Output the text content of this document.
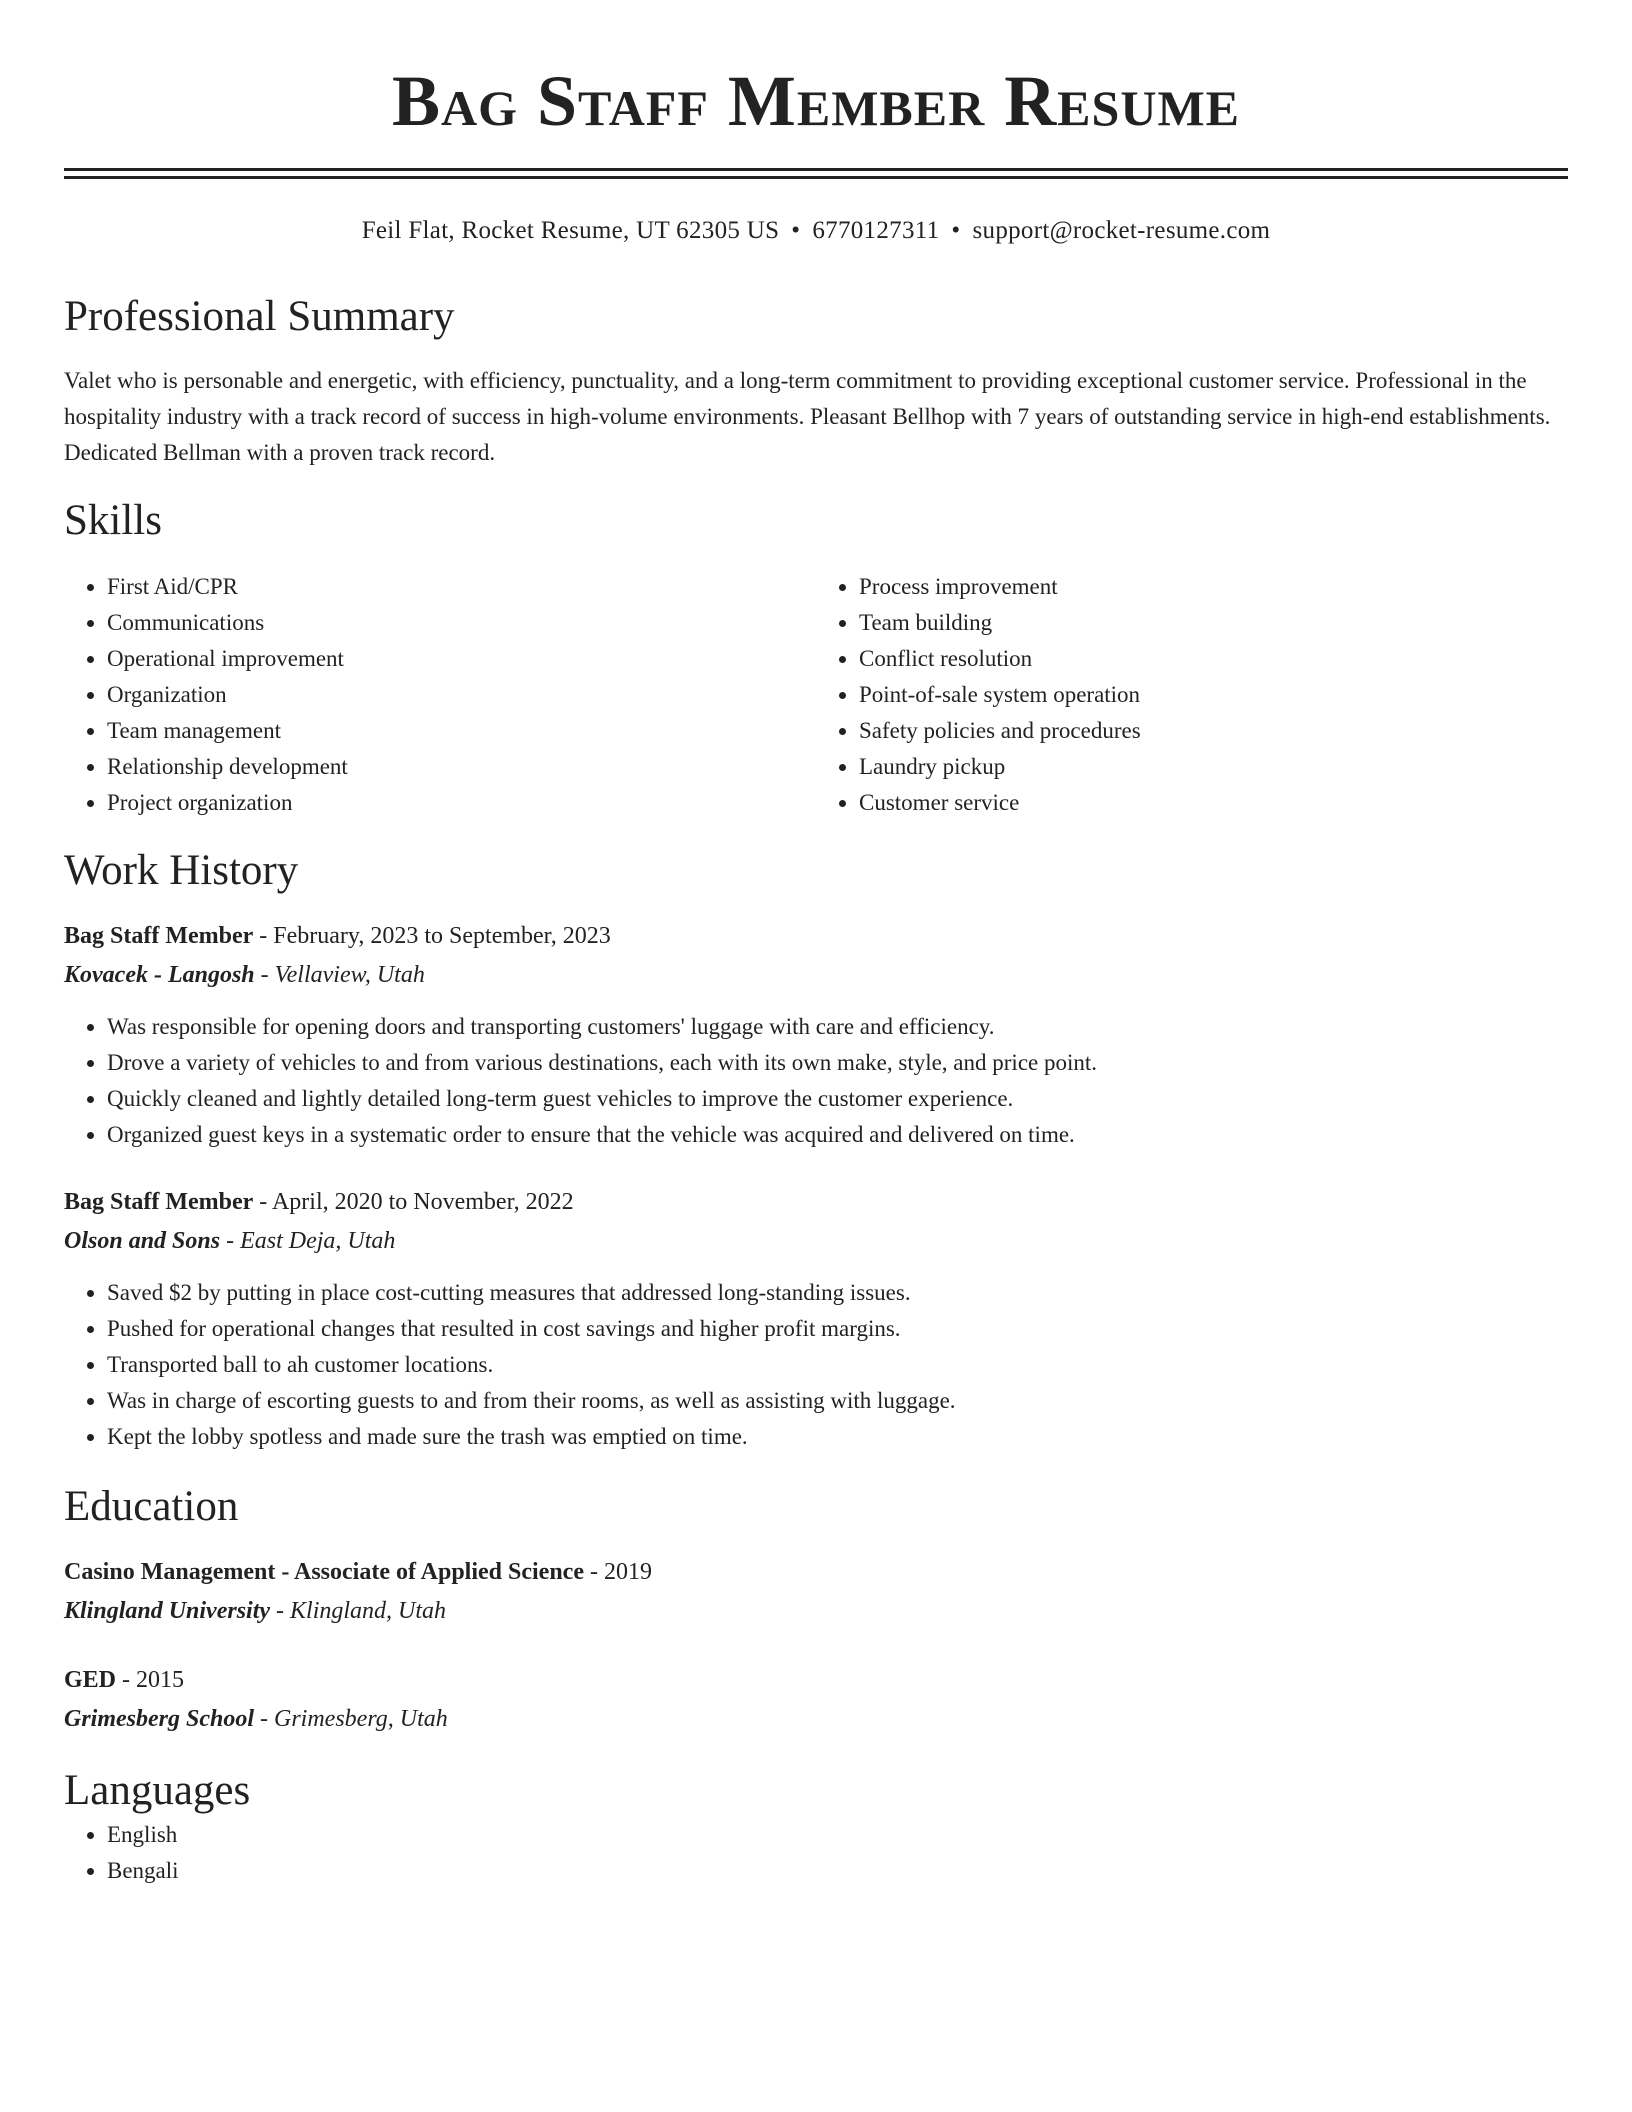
Bag Staff Member Resume
Feil Flat, Rocket Resume, UT 62305 US • 6770127311 • support@rocket-resume.com
Professional Summary
Valet who is personable and energetic, with efficiency, punctuality, and a long-term commitment to providing exceptional customer service. Professional in the hospitality industry with a track record of success in high-volume environments. Pleasant Bellhop with 7 years of outstanding service in high-end establishments. Dedicated Bellman with a proven track record.
Skills
• First Aid/CPR
• Communications
• Operational improvement
• Organization
• Team management
• Relationship development
• Project organization
• Process improvement
• Team building
• Conflict resolution
• Point-of-sale system operation
• Safety policies and procedures
• Laundry pickup
• Customer service
Work History
Bag Staff Member - February, 2023 to September, 2023
Kovacek - Langosh - Vellaview, Utah
• Was responsible for opening doors and transporting customers' luggage with care and efficiency.
• Drove a variety of vehicles to and from various destinations, each with its own make, style, and price point.
• Quickly cleaned and lightly detailed long-term guest vehicles to improve the customer experience.
• Organized guest keys in a systematic order to ensure that the vehicle was acquired and delivered on time.
Bag Staff Member - April, 2020 to November, 2022
Olson and Sons - East Deja, Utah
• Saved $2 by putting in place cost-cutting measures that addressed long-standing issues.
• Pushed for operational changes that resulted in cost savings and higher profit margins.
• Transported ball to ah customer locations.
• Was in charge of escorting guests to and from their rooms, as well as assisting with luggage.
• Kept the lobby spotless and made sure the trash was emptied on time.
Education
Casino Management - Associate of Applied Science - 2019
Klingland University - Klingland, Utah
GED - 2015
Grimesberg School - Grimesberg, Utah
Languages
• English
• Bengali
